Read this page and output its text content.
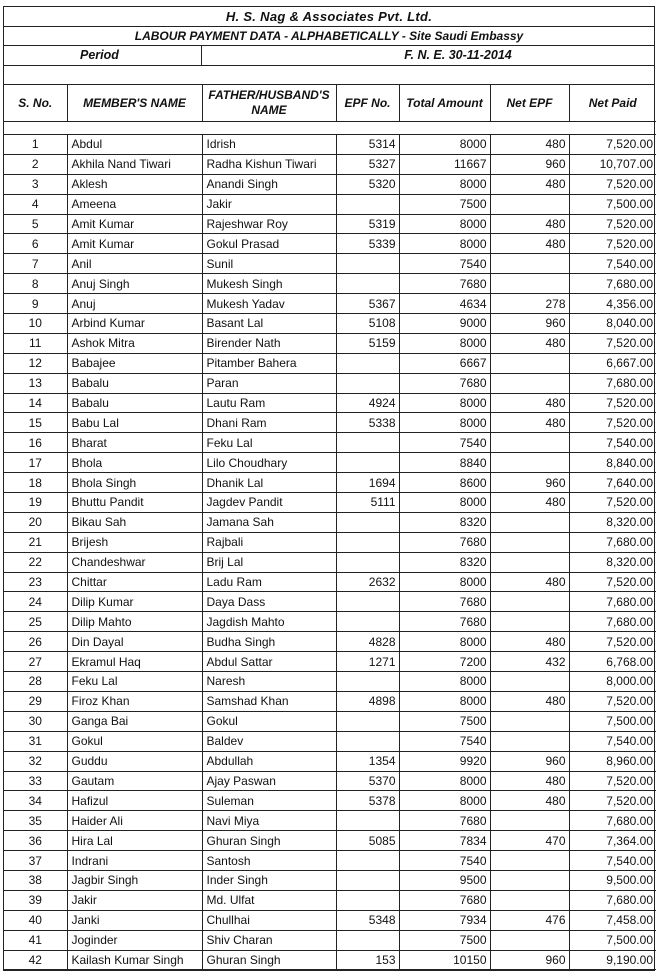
H. S. Nag & Associates Pvt. Ltd.
LABOUR PAYMENT DATA - ALPHABETICALLY - Site Saudi Embassy
Period	F. N. E. 30-11-2014
S. No.	MEMBER'S NAME	FATHER/HUSBAND'S NAME	EPF No.	Total Amount	Net EPF	Net Paid

1	Abdul	Idrish	5314	8000	480	7,520.00
2	Akhila Nand Tiwari	Radha Kishun Tiwari	5327	11667	960	10,707.00
3	Aklesh	Anandi Singh	5320	8000	480	7,520.00
4	Ameena	Jakir		7500		7,500.00
5	Amit Kumar	Rajeshwar Roy	5319	8000	480	7,520.00
6	Amit Kumar	Gokul Prasad	5339	8000	480	7,520.00
7	Anil	Sunil		7540		7,540.00
8	Anuj Singh	Mukesh Singh		7680		7,680.00
9	Anuj	Mukesh Yadav	5367	4634	278	4,356.00
10	Arbind Kumar	Basant Lal	5108	9000	960	8,040.00
11	Ashok Mitra	Birender Nath	5159	8000	480	7,520.00
12	Babajee	Pitamber Bahera		6667		6,667.00
13	Babalu	Paran		7680		7,680.00
14	Babalu	Lautu Ram	4924	8000	480	7,520.00
15	Babu Lal	Dhani Ram	5338	8000	480	7,520.00
16	Bharat	Feku Lal		7540		7,540.00
17	Bhola	Lilo Choudhary		8840		8,840.00
18	Bhola Singh	Dhanik Lal	1694	8600	960	7,640.00
19	Bhuttu Pandit	Jagdev Pandit	5111	8000	480	7,520.00
20	Bikau Sah	Jamana Sah		8320		8,320.00
21	Brijesh	Rajbali		7680		7,680.00
22	Chandeshwar	Brij Lal		8320		8,320.00
23	Chittar	Ladu Ram	2632	8000	480	7,520.00
24	Dilip Kumar	Daya Dass		7680		7,680.00
25	Dilip Mahto	Jagdish Mahto		7680		7,680.00
26	Din Dayal	Budha Singh	4828	8000	480	7,520.00
27	Ekramul Haq	Abdul Sattar	1271	7200	432	6,768.00
28	Feku Lal	Naresh		8000		8,000.00
29	Firoz Khan	Samshad Khan	4898	8000	480	7,520.00
30	Ganga Bai	Gokul		7500		7,500.00
31	Gokul	Baldev		7540		7,540.00
32	Guddu	Abdullah	1354	9920	960	8,960.00
33	Gautam	Ajay Paswan	5370	8000	480	7,520.00
34	Hafizul	Suleman	5378	8000	480	7,520.00
35	Haider Ali	Navi Miya		7680		7,680.00
36	Hira Lal	Ghuran Singh	5085	7834	470	7,364.00
37	Indrani	Santosh		7540		7,540.00
38	Jagbir Singh	Inder Singh		9500		9,500.00
39	Jakir	Md. Ulfat		7680		7,680.00
40	Janki	Chullhai	5348	7934	476	7,458.00
41	Joginder	Shiv Charan		7500		7,500.00
42	Kailash Kumar Singh	Ghuran Singh	153	10150	960	9,190.00
